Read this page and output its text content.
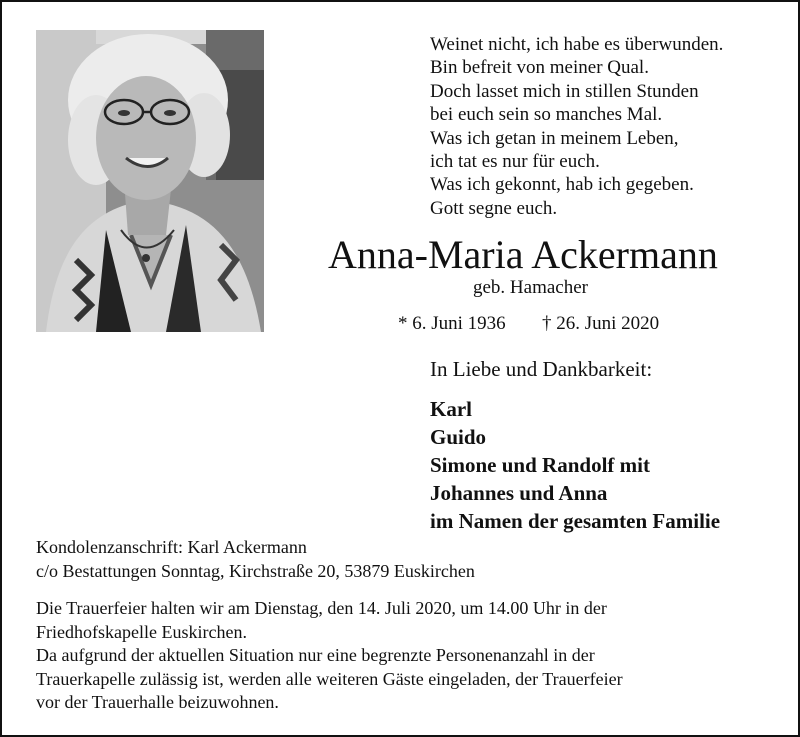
Weinet nicht, ich habe es überwunden.
Bin befreit von meiner Qual.
Doch lasset mich in stillen Stunden
bei euch sein so manches Mal.
Was ich getan in meinem Leben,
ich tat es nur für euch.
Was ich gekonnt, hab ich gegeben.
Gott segne euch.
Anna-Maria Ackermann
geb. Hamacher
* 6. Juni 1936 † 26. Juni 2020
In Liebe und Dankbarkeit:
Karl
Guido
Simone und Randolf mit
Johannes und Anna
im Namen der gesamten Familie
Kondolenzanschrift: Karl Ackermann
c/o Bestattungen Sonntag, Kirchstraße 20, 53879 Euskirchen
Die Trauerfeier halten wir am Dienstag, den 14. Juli 2020, um 14.00 Uhr in der
Friedhofskapelle Euskirchen.
Da aufgrund der aktuellen Situation nur eine begrenzte Personenanzahl in der
Trauerkapelle zulässig ist, werden alle weiteren Gäste eingeladen, der Trauerfeier
vor der Trauerhalle beizuwohnen.
